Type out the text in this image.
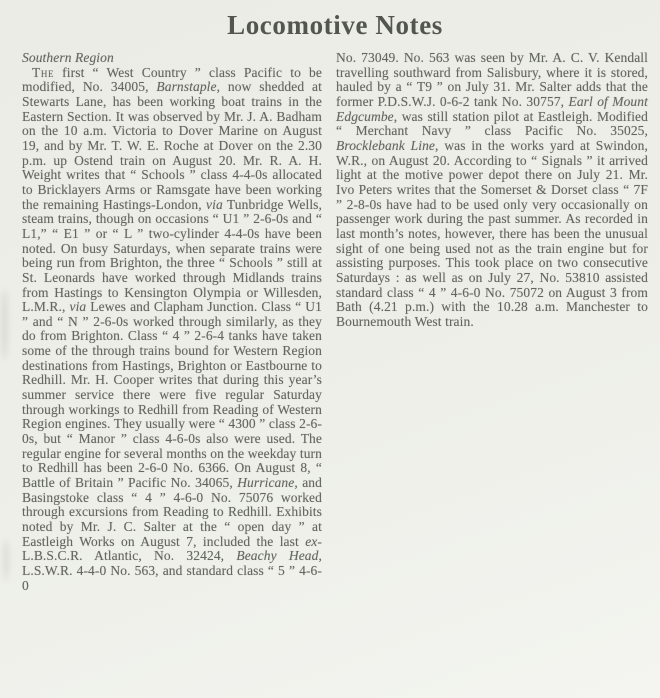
Locomotive Notes
Southern Region

The first “ West Country ” class Pacific to be modified, No. 34005, Barnstaple, now shedded at Stewarts Lane, has been working boat trains in the Eastern Section. It was observed by Mr. J. A. Badham on the 10 a.m. Victoria to Dover Marine on August 19, and by Mr. T. W. E. Roche at Dover on the 2.30 p.m. up Ostend train on August 20. Mr. R. A. H. Weight writes that “ Schools ” class 4-4-0s allocated to Bricklayers Arms or Ramsgate have been working the remaining Hastings-London, via Tunbridge Wells, steam trains, though on occasions “ U1 ” 2-6-0s and “ L1,” “ E1 ” or “ L ” two-cylinder 4-4-0s have been noted. On busy Saturdays, when separate trains were being run from Brighton, the three “ Schools ” still at St. Leonards have worked through Midlands trains from Hastings to Kensington Olympia or Willesden, L.M.R., via Lewes and Clapham Junction. Class “ U1 ” and “ N ” 2-6-0s worked through similarly, as they do from Brighton. Class “ 4 ” 2-6-4 tanks have taken some of the through trains bound for Western Region destinations from Hastings, Brighton or Eastbourne to Redhill. Mr. H. Cooper writes that during this year’s summer service there were five regular Saturday through workings to Redhill from Reading of Western Region engines. They usually were “ 4300 ” class 2-6-0s, but “ Manor ” class 4-6-0s also were used. The regular engine for several months on the weekday turn to Redhill has been 2-6-0 No. 6366. On August 8, “ Battle of Britain ” Pacific No. 34065, Hurricane, and Basingstoke class “ 4 ” 4-6-0 No. 75076 worked through excursions from Reading to Redhill. Exhibits noted by Mr. J. C. Salter at the “ open day ” at Eastleigh Works on August 7, included the last ex-L.B.S.C.R. Atlantic, No. 32424, Beachy Head, L.S.W.R. 4-4-0 No. 563, and standard class “ 5 ” 4-6-0

No. 73049. No. 563 was seen by Mr. A. C. V. Kendall travelling southward from Salisbury, where it is stored, hauled by a “ T9 ” on July 31. Mr. Salter adds that the former P.D.S.W.J. 0-6-2 tank No. 30757, Earl of Mount Edgcumbe, was still station pilot at Eastleigh. Modified “ Merchant Navy ” class Pacific No. 35025, Brocklebank Line, was in the works yard at Swindon, W.R., on August 20. According to “ Signals ” it arrived light at the motive power depot there on July 21. Mr. Ivo Peters writes that the Somerset & Dorset class “ 7F ” 2-8-0s have had to be used only very occasionally on passenger work during the past summer. As recorded in last month’s notes, however, there has been the unusual sight of one being used not as the train engine but for assisting purposes. This took place on two consecutive Saturdays : as well as on July 27, No. 53810 assisted standard class “ 4 ” 4-6-0 No. 75072 on August 3 from Bath (4.21 p.m.) with the 10.28 a.m. Manchester to Bournemouth West train.
